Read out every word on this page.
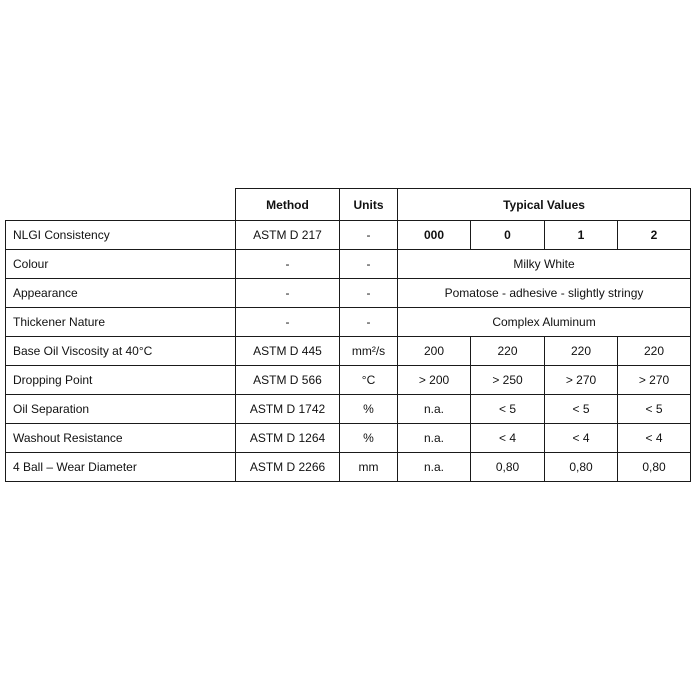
	Method	Units	Typical Values			
NLGI Consistency	ASTM D 217	-	000	0	1	2
Colour	-	-	Milky White			
Appearance	-	-	Pomatose - adhesive - slightly stringy			
Thickener Nature	-	-	Complex Aluminum			
Base Oil Viscosity at 40°C	ASTM D 445	mm²/s	200	220	220	220
Dropping Point	ASTM D 566	°C	> 200	> 250	> 270	> 270
Oil Separation	ASTM D 1742	%	n.a.	< 5	< 5	< 5
Washout Resistance	ASTM D 1264	%	n.a.	< 4	< 4	< 4
4 Ball – Wear Diameter	ASTM D 2266	mm	n.a.	0,80	0,80	0,80
